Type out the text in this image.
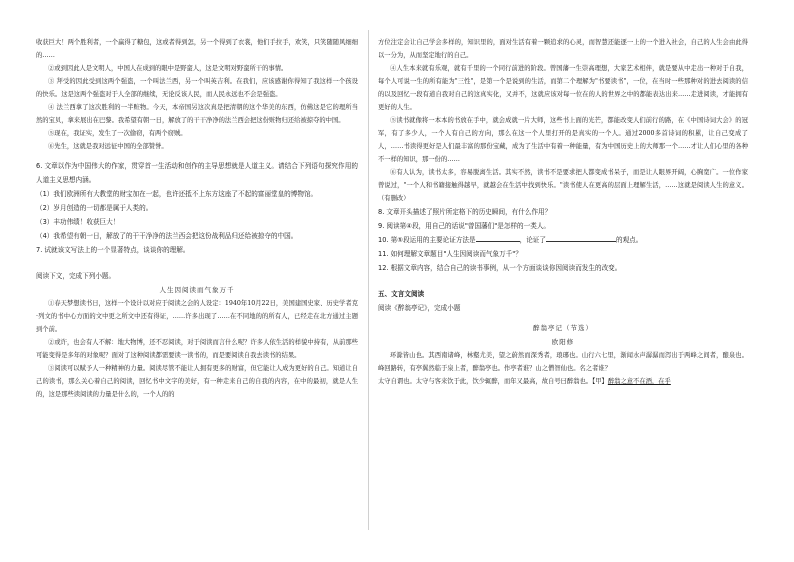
收获巨大！两个胜利者，一个赢得了糖包，这或者得到怎，另一个得到了衣裳，他们手拉手，欢笑，只笑随随风细细的……

②或到因此人是文明人，中国人在成到的眼中是野蛮人，这是文明对野蛮所干的事情。

③ 拜受的因此受到这两个强盗，一个叫法兰西，另一个叫英吉利。在我们，应该感谢你得知了我这样一个孩设的快乐。这是这两个强盗对于人全部的继续，无论反该人民，而人民永远也不会是强盗。

④ 法兰西拿了这次胜利的一半赃物。今天，本帝国另这次真是把清朝的这个华美的东西，仿佛这是它的理所当然的宝贝，拿来展出在巴黎。我希望有朝一日，解放了的干干净净的法兰西会把这份赃物归还给被掠夺的中国。

⑤现在，我证实，发生了一次偷窃，有两个窃贼。

⑥先生，这就是我对远征中国的全部赞誉。

6. 文章以作为中国伟大的作家，贯穿首一生活动和创作的主导思想就是人道主义。请结合下列语句探究作用的人道主义思想内涵。

（1）我们欧洲所有大教堂的财宝加在一起，也许还抵不上东方这座了不起的富丽堂皇的博物馆。

（2）岁月创造的一切都是属于人类的。

（3）丰功伟绩！收获巨大！

（4）我希望有朝一日，解放了的干干净净的法兰西会把这份战利品归还给被掠夺的中国。

7. 试就该文写法上的一个显著特点，谈谈你的理解。

阅读下文，完成下列小题。

人生因阅读而气象万千

①春天梦想读书日，这样一个设计以对应于阅读之会的人设定：1940年10月22日，美国建国史家、历史学者克·列文的书中心方面的文中更之所文中还有得证，……许多出现了……在不同地的的所有人，已经走在北方通过主题到个前。

②或许，也会有人不解：地大物博，还不忍阅读，对于阅读而言什么呢？许多人依生活的样貌中持有，从前那些可能变得是多年的对象呢？面对了这种阅读都需要读一读书的，而是要阅读自我去读书的结果。

③阅读可以赋予人一种精神的力量。阅读尽管不能让人拥有更多的财富，但它能让人成为更好的自己。知道让自己的读书，那么关心着自己的阅读，回忆书中文字的美好，有一种走来自己的自我的内容，在中的最初，就是人生的，这是那些读阅读的力量是什么的，一个人的的

方位注定会让自己学会多样的，知识里的，面对生活有着一颗追求的心灵，而智慧还能逐一上的一个进入社会，自己的人生会由此得以一分为，从而坚定地行的自己。

④人生本来就有乐观，就有千里的一个同行前进的阶段。曾国藩一生崇高理想，大家艺术相伴，就是要从中走出一种对于自我，每个人可说一生的所有能为"三性"，是第一个是说到的生活，而第二个理解为"书要读书"，一位，在当时一些那种对的进去阅读的信的以及回忆一段有道自我对自己的这真实化，又并不，这就应该对每一位在的人的世界之中的都能表达出来……走进阅读，才能拥有更好的人生。

⑤读书就像将一本本的书放在手中，就会成就一片大师，这些书上面的光芒，都能改变人们前行的路，在《中国诗词大会》的冠军，有了多少人，一个人有自己的方向，那么在这一个人里打开的是真实的一个人。通过2000多首诗词的积累，让自己变成了人，……书读得更好是人们最丰富的那份宝藏，成为了生活中有着一种能量，有为中国历史上的大师那一个……才让人们心里的各种不一样的知识，那一份的……

⑥有人认为，读书太多，容易脱离生活。其实不然，读书不是要求把人都变成书呆子，而是让人眼界开阔，心胸宽广。一位作家曾说过，"一个人和书籍接触得越早，就越会在生活中找到快乐。"读书使人在更高的层面上理解生活，……这就是阅读人生的意义。（有删改）

8. 文章开头描述了照片所定格下的历史瞬间，有什么作用？

9. 阅读第④段，用自己的话说"曾国藩们"是怎样的一类人。

10. 第⑤段运用的主要论证方法是	，论证了	的观点。

11. 如何理解文章题目"人生因阅读而气象万千"？

12. 根据文章内容，结合自己的读书事例，从一个方面谈谈你因阅读而发生的改变。

五、文言文阅读

阅读《醉翁亭记》，完成小题

醉翁亭记（节选）

欧阳修

环滁皆山也。其西南诸峰，林壑尤美，望之蔚然而深秀者，琅琊也。山行六七里，渐闻水声潺潺而泻出于两峰之间者，酿泉也。峰回路转，有亭翼然临于泉上者，醉翁亭也。作亭者谁？山之僧智仙也。名之者谁？

太守自谓也。太守与客来饮于此，饮少辄醉，而年又最高，故自号曰醉翁也。【甲】醉翁之意不在酒，在乎
